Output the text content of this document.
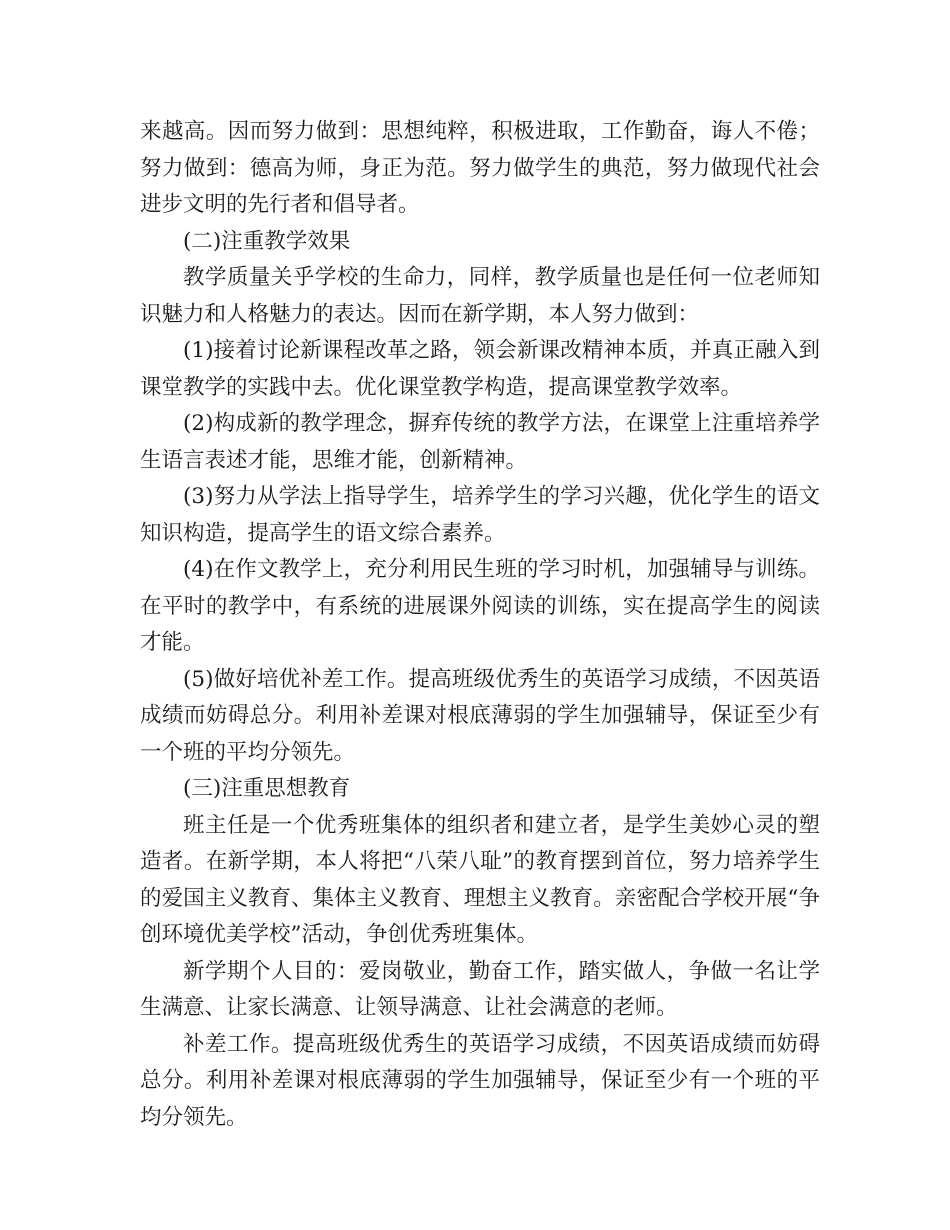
来越高。因而努力做到：思想纯粹，积极进取，工作勤奋，诲人不倦；努力做到：德高为师，身正为范。努力做学生的典范，努力做现代社会进步文明的先行者和倡导者。

(二)注重教学效果

教学质量关乎学校的生命力，同样，教学质量也是任何一位老师知识魅力和人格魅力的表达。因而在新学期，本人努力做到：

(1)接着讨论新课程改革之路，领会新课改精神本质，并真正融入到课堂教学的实践中去。优化课堂教学构造，提高课堂教学效率。

(2)构成新的教学理念，摒弃传统的教学方法，在课堂上注重培养学生语言表述才能，思维才能，创新精神。

(3)努力从学法上指导学生，培养学生的学习兴趣，优化学生的语文知识构造，提高学生的语文综合素养。

(4)在作文教学上，充分利用民生班的学习时机，加强辅导与训练。在平时的教学中，有系统的进展课外阅读的训练，实在提高学生的阅读才能。

(5)做好培优补差工作。提高班级优秀生的英语学习成绩，不因英语成绩而妨碍总分。利用补差课对根底薄弱的学生加强辅导，保证至少有一个班的平均分领先。

(三)注重思想教育

班主任是一个优秀班集体的组织者和建立者，是学生美妙心灵的塑造者。在新学期，本人将把“八荣八耻”的教育摆到首位，努力培养学生的爱国主义教育、集体主义教育、理想主义教育。亲密配合学校开展“争创环境优美学校”活动，争创优秀班集体。

新学期个人目的：爱岗敬业，勤奋工作，踏实做人，争做一名让学生满意、让家长满意、让领导满意、让社会满意的老师。

补差工作。提高班级优秀生的英语学习成绩，不因英语成绩而妨碍总分。利用补差课对根底薄弱的学生加强辅导，保证至少有一个班的平均分领先。
